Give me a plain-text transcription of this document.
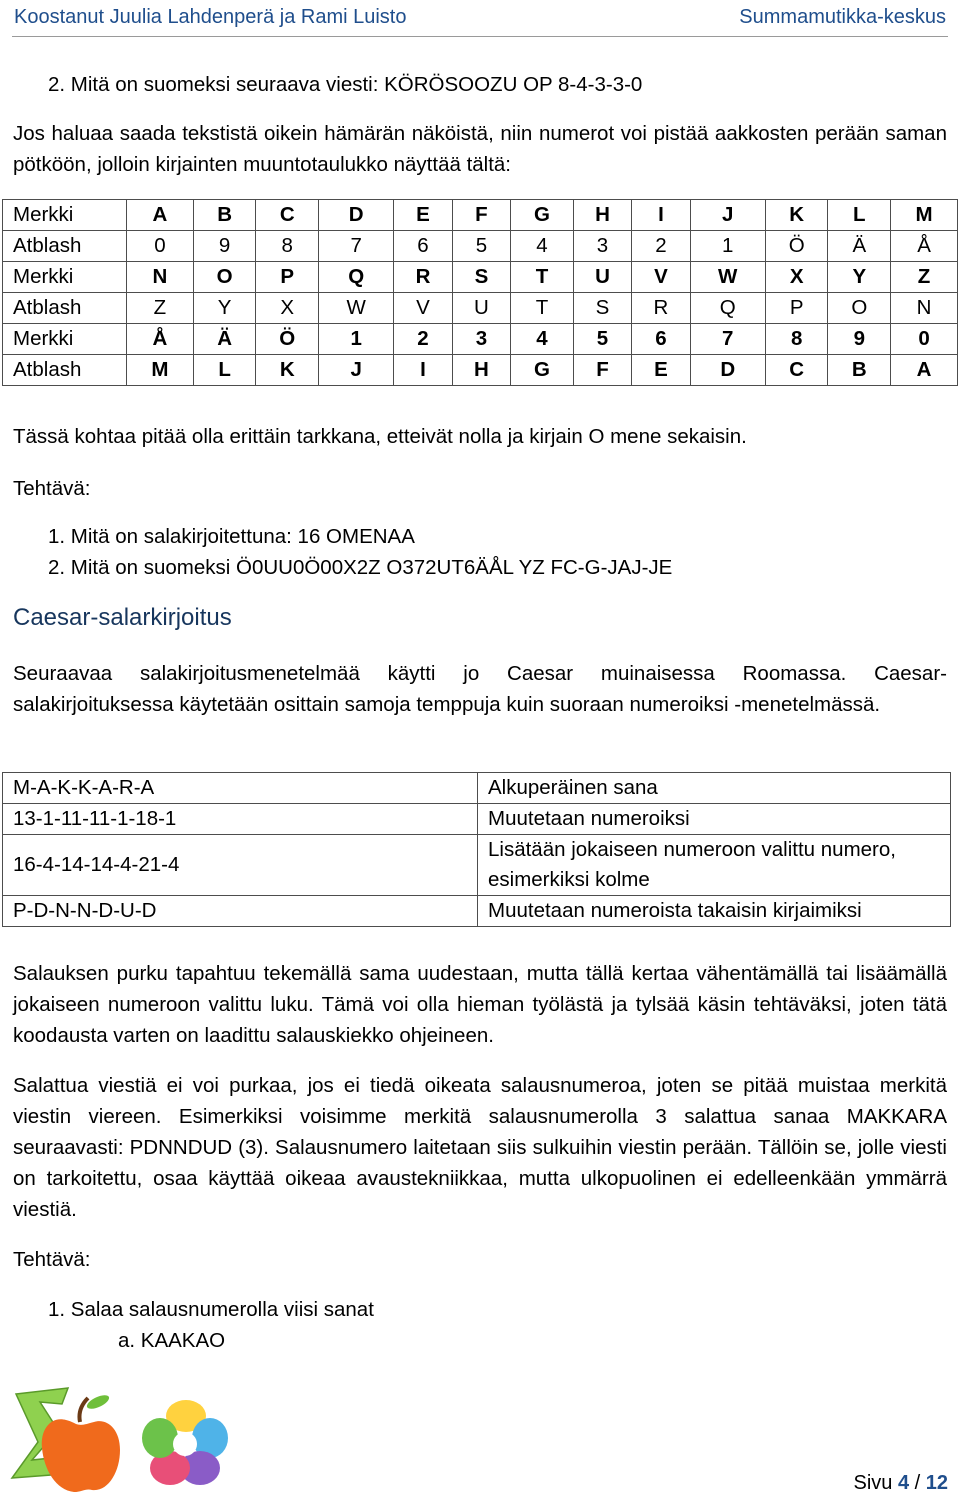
Koostanut Juulia Lahdenperä ja Rami Luisto	Summamutikka-keskus

2. Mitä on suomeksi seuraava viesti: KÖRÖSOOZU OP 8-4-3-3-0

Jos haluaa saada tekstistä oikein hämärän näköistä, niin numerot voi pistää aakkosten perään saman pötköön, jolloin kirjainten muuntotaulukko näyttää tältä:

Merkki	A	B	C	D	E	F	G	H	I	J	K	L	M
Atblash	0	9	8	7	6	5	4	3	2	1	Ö	Ä	Å
Merkki	N	O	P	Q	R	S	T	U	V	W	X	Y	Z
Atblash	Z	Y	X	W	V	U	T	S	R	Q	P	O	N
Merkki	Å	Ä	Ö	1	2	3	4	5	6	7	8	9	0
Atblash	M	L	K	J	I	H	G	F	E	D	C	B	A

Tässä kohtaa pitää olla erittäin tarkkana, etteivät nolla ja kirjain O mene sekaisin.

Tehtävä:

1. Mitä on salakirjoitettuna: 16 OMENAA

2. Mitä on suomeksi Ö0UU0Ö00X2Z O372UT6ÄÅL YZ FC-G-JAJ-JE

Caesar-salarkirjoitus

Seuraavaa salakirjoitusmenetelmää käytti jo Caesar muinaisessa Roomassa. Caesar-salakirjoituksessa käytetään osittain samoja temppuja kuin suoraan numeroiksi -menetelmässä.

M-A-K-K-A-R-A	Alkuperäinen sana
13-1-11-11-1-18-1	Muutetaan numeroiksi
16-4-14-14-4-21-4	Lisätään jokaiseen numeroon valittu numero, esimerkiksi kolme
P-D-N-N-D-U-D	Muutetaan numeroista takaisin kirjaimiksi

Salauksen purku tapahtuu tekemällä sama uudestaan, mutta tällä kertaa vähentämällä tai lisäämällä jokaiseen numeroon valittu luku. Tämä voi olla hieman työlästä ja tylsää käsin tehtäväksi, joten tätä koodausta varten on laadittu salauskiekko ohjeineen.

Salattua viestiä ei voi purkaa, jos ei tiedä oikeata salausnumeroa, joten se pitää muistaa merkitä viestin viereen. Esimerkiksi voisimme merkitä salausnumerolla 3 salattua sanaa MAKKARA seuraavasti: PDNNDUD (3). Salausnumero laitetaan siis sulkuihin viestin perään. Tällöin se, jolle viesti on tarkoitettu, osaa käyttää oikeaa avaustekniikkaa, mutta ulkopuolinen ei edelleenkään ymmärrä viestiä.

Tehtävä:

1. Salaa salausnumerolla viisi sanat

a. KAAKAO

Sivu 4 / 12
